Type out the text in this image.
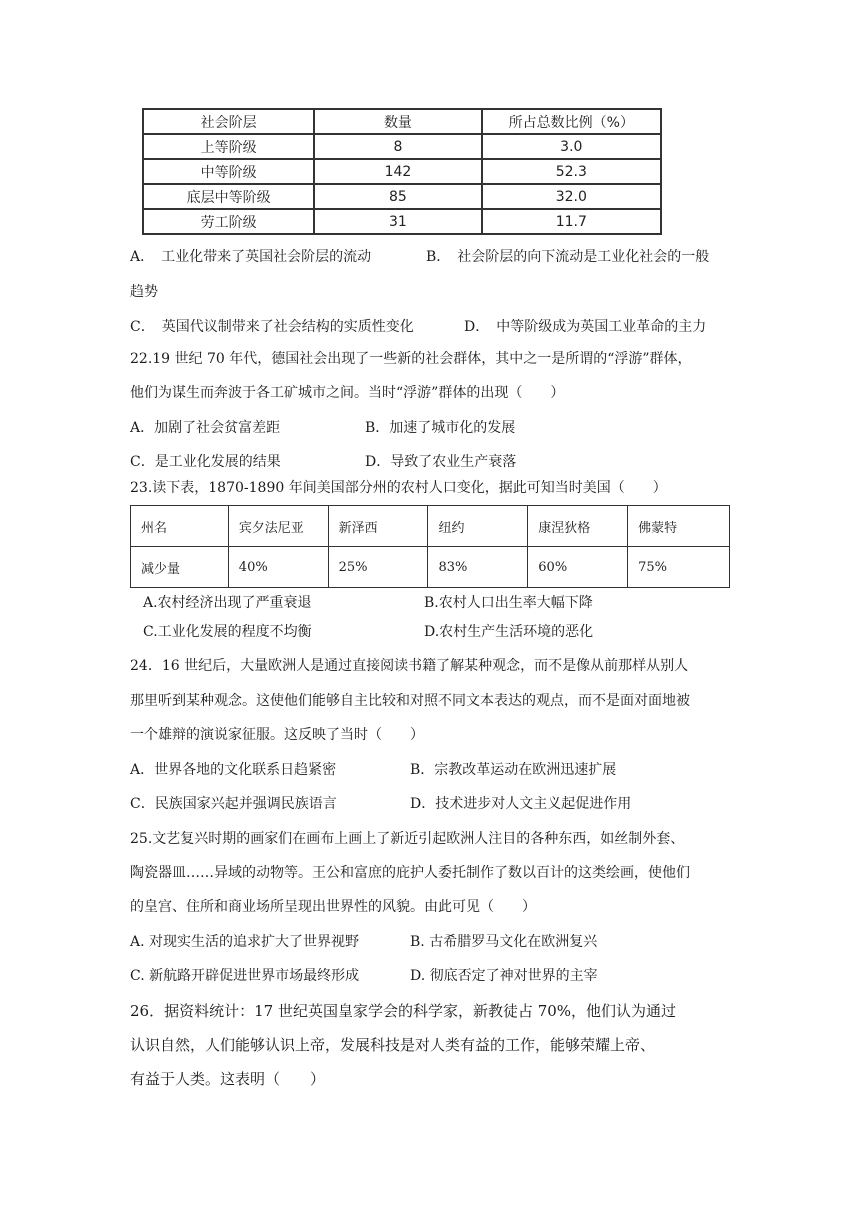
社会阶层	数量	所占总数比例（%）
上等阶级	8	3.0
中等阶级	142	52.3
底层中等阶级	85	32.0
劳工阶级	31	11.7
A．　工业化带来了英国社会阶层的流动	B．　社会阶层的向下流动是工业化社会的一般
趋势
C．　英国代议制带来了社会结构的实质性变化	D．　中等阶级成为英国工业革命的主力
22.19 世纪 70 年代，德国社会出现了一些新的社会群体，其中之一是所谓的“浮游”群体，
他们为谋生而奔波于各工矿城市之间。当时“浮游”群体的出现（　　）
A．加剧了社会贫富差距	B．加速了城市化的发展
C．是工业化发展的结果	D．导致了农业生产衰落
23.读下表，1870-1890 年间美国部分州的农村人口变化，据此可知当时美国（　　）
州名	宾夕法尼亚	新泽西	纽约	康涅狄格	佛蒙特
减少量	40%	25%	83%	60%	75%
A.农村经济出现了严重衰退	B.农村人口出生率大幅下降
C.工业化发展的程度不均衡	D.农村生产生活环境的恶化
24．16 世纪后，大量欧洲人是通过直接阅读书籍了解某种观念，而不是像从前那样从别人
那里听到某种观念。这使他们能够自主比较和对照不同文本表达的观点，而不是面对面地被
一个雄辩的演说家征服。这反映了当时（　　）
A．世界各地的文化联系日趋紧密	B．宗教改革运动在欧洲迅速扩展
C．民族国家兴起并强调民族语言	D．技术进步对人文主义起促进作用
25.文艺复兴时期的画家们在画布上画上了新近引起欧洲人注目的各种东西，如丝制外套、
陶瓷器皿……异域的动物等。王公和富庶的庇护人委托制作了数以百计的这类绘画，使他们
的皇宫、住所和商业场所呈现出世界性的风貌。由此可见（　　）
A. 对现实生活的追求扩大了世界视野	B. 古希腊罗马文化在欧洲复兴
C. 新航路开辟促进世界市场最终形成	D. 彻底否定了神对世界的主宰
26．据资料统计：17 世纪英国皇家学会的科学家，新教徒占 70%，他们认为通过
认识自然，人们能够认识上帝，发展科技是对人类有益的工作，能够荣耀上帝、
有益于人类。这表明（　　）
